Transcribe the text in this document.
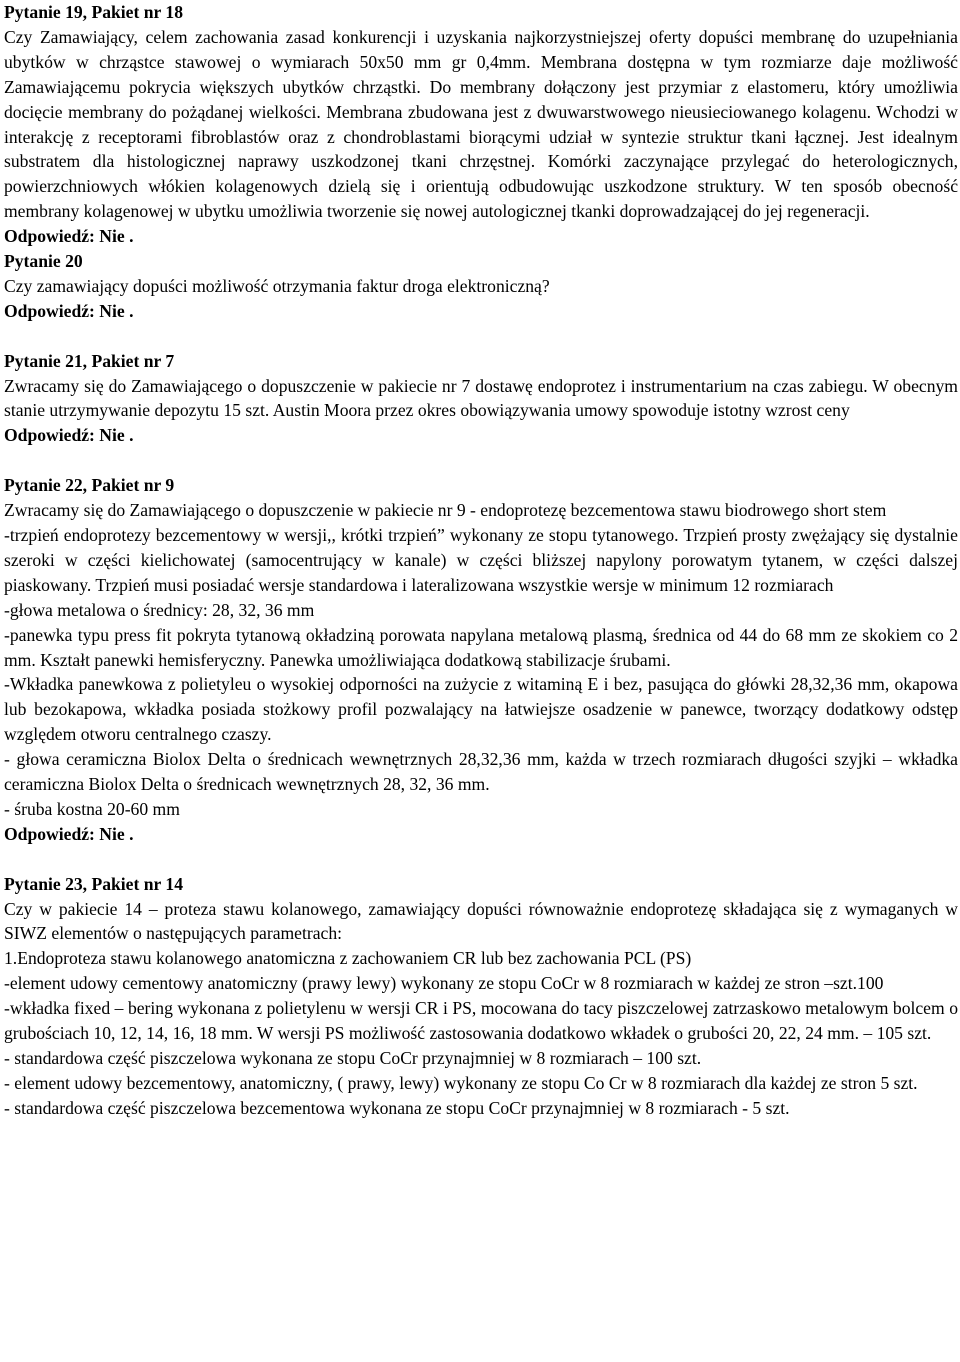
Pytanie 19, Pakiet nr 18

Czy Zamawiający, celem zachowania zasad konkurencji i uzyskania najkorzystniejszej oferty dopuści membranę do uzupełniania ubytków w chrząstce stawowej o wymiarach 50x50 mm gr 0,4mm. Membrana dostępna w tym rozmiarze daje możliwość Zamawiającemu pokrycia większych ubytków chrząstki. Do membrany dołączony jest przymiar z elastomeru, który umożliwia docięcie membrany do pożądanej wielkości. Membrana zbudowana jest z dwuwarstwowego nieusieciowanego kolagenu. Wchodzi w interakcję z receptorami fibroblastów oraz z chondroblastami biorącymi udział w syntezie struktur tkani łącznej. Jest idealnym substratem dla histologicznej naprawy uszkodzonej tkani chrzęstnej. Komórki zaczynające przylegać do heterologicznych, powierzchniowych włókien kolagenowych dzielą się i orientują odbudowując uszkodzone struktury. W ten sposób obecność membrany kolagenowej w ubytku umożliwia tworzenie się nowej autologicznej tkanki doprowadzającej do jej regeneracji.

Odpowiedź: Nie .

Pytanie 20

Czy zamawiający dopuści możliwość otrzymania faktur droga elektroniczną?

Odpowiedź: Nie .

Pytanie 21, Pakiet nr 7

Zwracamy się do Zamawiającego o dopuszczenie w pakiecie nr 7 dostawę endoprotez i instrumentarium na czas zabiegu. W obecnym stanie utrzymywanie depozytu 15 szt. Austin Moora przez okres obowiązywania umowy spowoduje istotny wzrost ceny

Odpowiedź: Nie .

Pytanie 22, Pakiet nr 9

Zwracamy się do Zamawiającego o dopuszczenie w pakiecie nr 9 - endoprotezę bezcementowa stawu biodrowego short stem
-trzpień endoprotezy bezcementowy w wersji,, krótki trzpień” wykonany ze stopu tytanowego. Trzpień prosty zwężający się dystalnie szeroki w części kielichowatej (samocentrujący w kanale) w części bliższej napylony porowatym tytanem, w części dalszej piaskowany. Trzpień musi posiadać wersje standardowa i lateralizowana wszystkie wersje w minimum 12 rozmiarach
-głowa metalowa o średnicy: 28, 32, 36 mm
-panewka typu press fit pokryta tytanową okładziną porowata napylana metalową plasmą, średnica od 44 do 68 mm ze skokiem co 2 mm. Kształt panewki hemisferyczny. Panewka umożliwiająca dodatkową stabilizacje śrubami.
-Wkładka panewkowa z polietyleu o wysokiej odporności na zużycie z witaminą E i bez, pasująca do główki 28,32,36 mm, okapowa lub bezokapowa, wkładka posiada stożkowy profil pozwalający na łatwiejsze osadzenie w panewce, tworzący dodatkowy odstęp względem otworu centralnego czaszy.
- głowa ceramiczna Biolox Delta o średnicach wewnętrznych 28,32,36 mm, każda w trzech rozmiarach długości szyjki – wkładka ceramiczna Biolox Delta o średnicach wewnętrznych 28, 32, 36 mm.
- śruba kostna 20-60 mm

Odpowiedź: Nie .

Pytanie 23, Pakiet nr 14

Czy w pakiecie 14 – proteza stawu kolanowego, zamawiający dopuści równoważnie endoprotezę składająca się z wymaganych w SIWZ elementów o następujących parametrach:
1.Endoproteza stawu kolanowego anatomiczna z zachowaniem CR lub bez zachowania PCL (PS)
-element udowy cementowy anatomiczny (prawy lewy) wykonany ze stopu CoCr w 8 rozmiarach w każdej ze stron –szt.100
-wkładka fixed – bering wykonana z polietylenu w wersji CR i PS, mocowana do tacy piszczelowej zatrzaskowo metalowym bolcem o grubościach 10, 12, 14, 16, 18 mm. W wersji PS możliwość zastosowania dodatkowo wkładek o grubości 20, 22, 24 mm. – 105 szt.
- standardowa część piszczelowa wykonana ze stopu CoCr przynajmniej w 8 rozmiarach – 100 szt.
- element udowy bezcementowy, anatomiczny, ( prawy, lewy) wykonany ze stopu Co Cr w 8 rozmiarach dla każdej ze stron 5 szt.
- standardowa część piszczelowa bezcementowa wykonana ze stopu CoCr przynajmniej w 8 rozmiarach - 5 szt.
